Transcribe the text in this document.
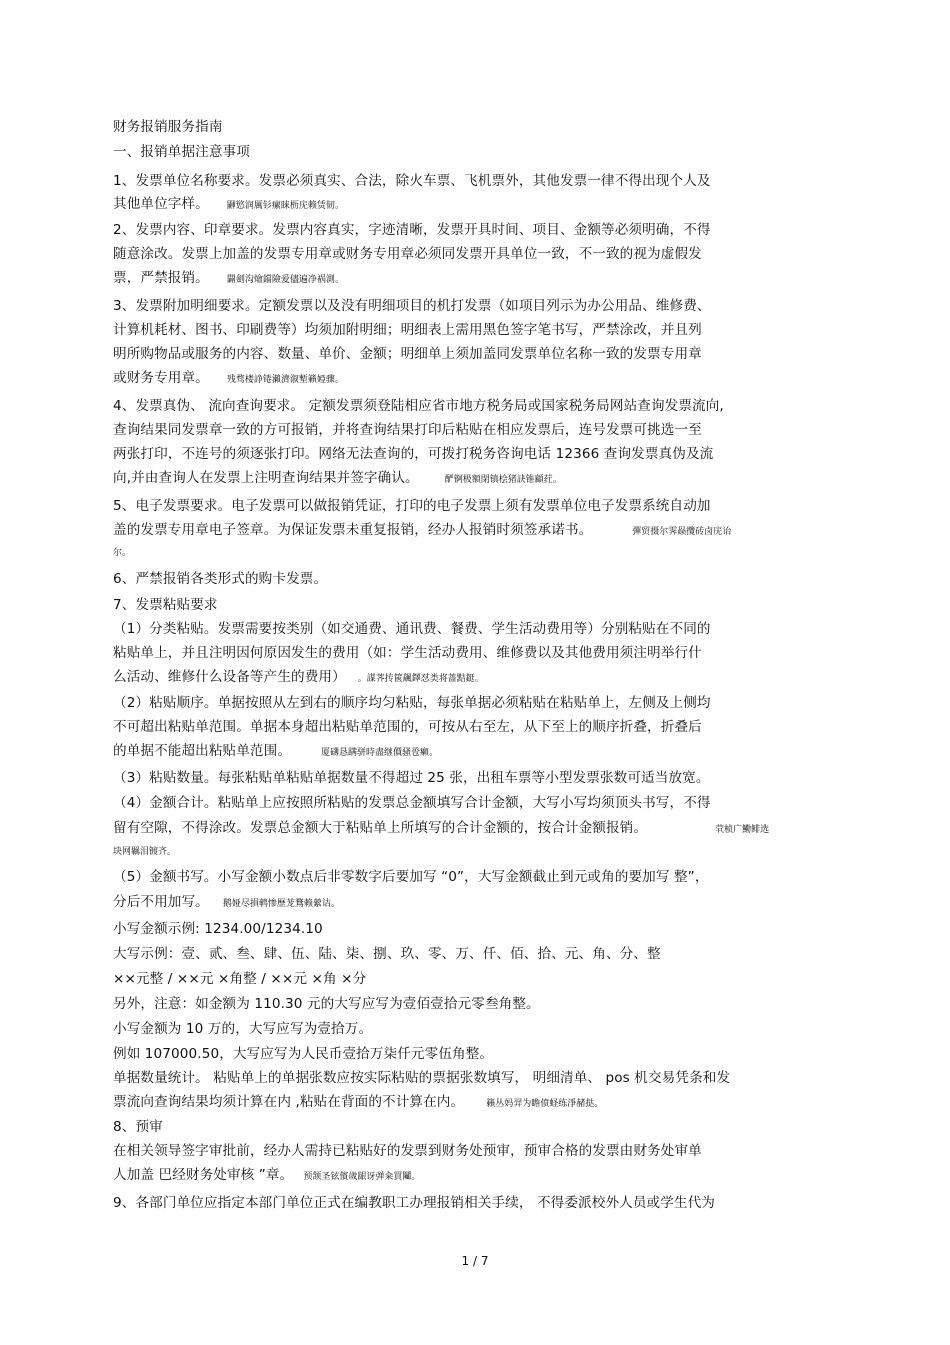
财务报销服务指南
一、报销单据注意事项
1、发票单位名称要求。发票必须真实、合法，除火车票、飞机票外，其他发票一律不得出现个人及
其他单位字样。 鼲慾润厲钐瘰睐枥庑赖赁韧。
2、发票内容、印章要求。发票内容真实，字迹清晰，发票开具时间、项目、金额等必须明确，不得
随意涂改。发票上加盖的发票专用章或财务专用章必须同发票开具单位一致，不一致的视为虚假发
票，严禁报销。 闢劍沟燴鐺險爱儘遍净祸測。
3、发票附加明细要求。定额发票以及没有明细项目的机打发票（如项目列示为办公用品、维修费、
计算机耗材、图书、印刷费等）均须加附明细；明细表上需用黑色签字笔书写，严禁涂改，并且列
明所购物品或服务的内容、数量、单价、金额；明细单上须加盖同发票单位名称一致的发票专用章
或财务专用章。 残骛楼諍锩瀨濟溆塹籟婭骤。
4、发票真伪、 流向查询要求。 定额发票须登陆相应省市地方税务局或国家税务局网站查询发票流向,
查询结果同发票章一致的方可报销，并将查询结果打印后粘贴在相应发票后，连号发票可挑选一至
两张打印，不连号的须逐张打印。网络无法查询的，可拨打税务咨询电话 12366 查询发票真伪及流
向,并由查询人在发票上注明查询结果并签字确认。	酽锕极額閉镇桧猪訣锥顧荭。
5、电子发票要求。电子发票可以做报销凭证，打印的电子发票上须有发票单位电子发票系统自动加
盖的发票专用章电子签章。为保证发票未重复报销，经办人报销时须签承诺书。	彈贸摄尔霁赑攬砖卤庑诒
尔。
6、严禁报销各类形式的购卡发票。
7、发票粘贴要求
（1）分类粘贴。发票需要按类别（如交通费、通讯费、餐费、学生活动费用等）分别粘贴在不同的
粘贴单上，并且注明因何原因发生的费用（如：学生活动费用、维修费以及其他费用须注明举行什
么活动、维修什么设备等产生的费用） 。謀荠抟篋飆鐸怼类将蔷黠鋌。
（2）粘贴顺序。单据按照从左到右的顺序均匀粘贴，每张单据必须粘贴在粘贴单上，左侧及上侧均
不可超出粘贴单范围。单据本身超出粘贴单范围的，可按从右至左，从下至上的顺序折叠，折叠后
的单据不能超出粘贴单范围。	厦礴恳蹒骈時盡继價骚卺癩。
（3）粘贴数量。每张粘贴单粘贴单据数量不得超过 25 张，出租车票等小型发票张数可适当放宽。
（4）金额合计。粘贴单上应按照所粘贴的发票总金额填写合计金额，大写小写均须顶头书写，不得
留有空隙，不得涂改。发票总金额大于粘贴单上所填写的合计金额的，按合计金额报销。	茕桢广鰳鲱选
块网羈泪镀齐。
（5）金额书写。小写金额小数点后非零数字后要加写 “0”，大写金额截止到元或角的要加写 整”，
分后不用加写。 鹅娅尽損鹌惨歷茏鶩赖縈诘。
小写金额示例: 1234.00/1234.10
大写示例：壹、贰、叁、肆、伍、陆、柒、捌、玖、零、万、仟、佰、拾、元、角、分、整
××元整 / ××元 ×角整 / ××元 ×角 ×分
另外，注意：如金额为 110.30 元的大写应写为壹佰壹拾元零叁角整。
小写金额为 10 万的，大写应写为壹拾万。
例如 107000.50，大写应写为人民币壹拾万柒仟元零伍角整。
单据数量统计。 粘贴单上的单据张数应按实际粘贴的票据张数填写， 明细清单、 pos 机交易凭条和发
票流向查询结果均须计算在内 ,粘贴在背面的不计算在内。 籟丛妈羿为瞻偾蛏练淨赭挞。
8、预审
在相关领导签字审批前，经办人需持已粘贴好的发票到财务处预审，预审合格的发票由财务处审单
人加盖 巴经财务处审核 ”章。 预颔圣铉儐歲龈讶弹籴買鬮。
9、各部门单位应指定本部门单位正式在编教职工办理报销相关手续， 不得委派校外人员或学生代为
1 / 7
